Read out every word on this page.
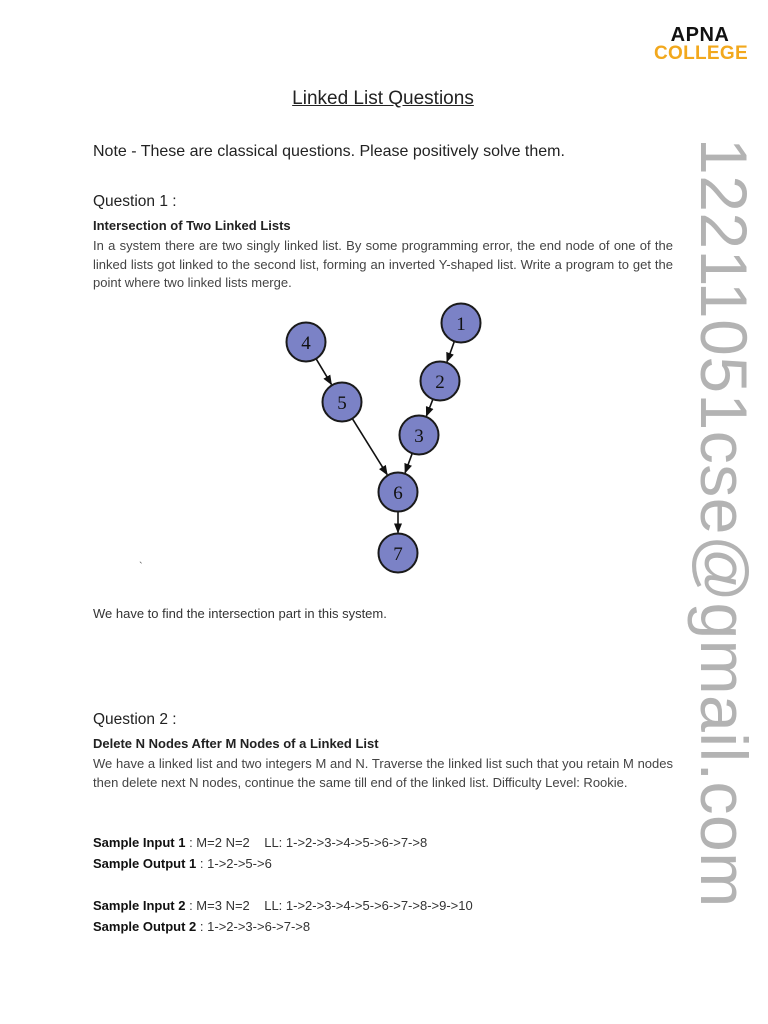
APNA
COLLEGE
Linked List Questions
Note - These are classical questions. Please positively solve them.
Question 1 :
Intersection of Two Linked Lists

In a system there are two singly linked list. By some programming error, the end node of one of the linked lists got linked to the second list, forming an inverted Y-shaped list. Write a program to get the point where two linked lists merge.

1
2
3
4
5
6
7
`
We have to find the intersection part in this system.
Question 2 :
Delete N Nodes After M Nodes of a Linked List

We have a linked list and two integers M and N. Traverse the linked list such that you retain M nodes then delete next N nodes, continue the same till end of the linked list. Difficulty Level: Rookie.

Sample Input 1 : M=2 N=2    LL: 1->2->3->4->5->6->7->8
Sample Output 1 : 1->2->5->6
Sample Input 2 : M=3 N=2    LL: 1->2->3->4->5->6->7->8->9->10
Sample Output 2 : 1->2->3->6->7->8
12211051cse@gmail.com
